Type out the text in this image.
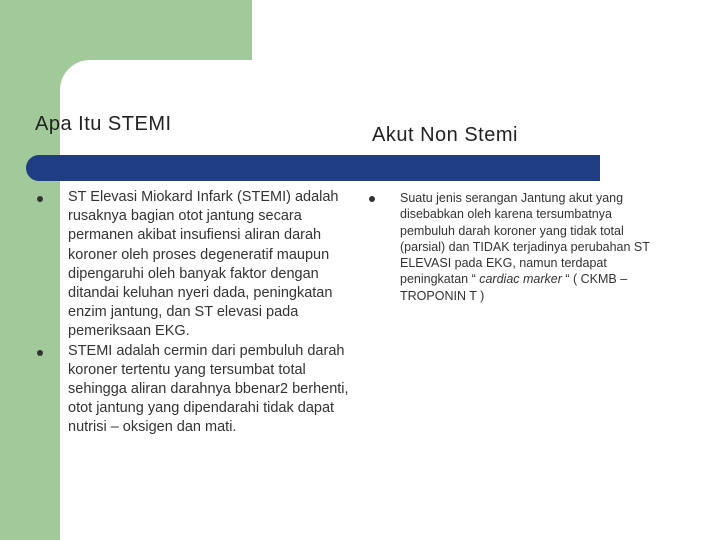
Apa Itu STEMI	Akut Non Stemi
ST Elevasi Miokard Infark (STEMI) adalah rusaknya bagian otot jantung secara permanen akibat insufiensi aliran darah koroner oleh proses degeneratif maupun dipengaruhi oleh banyak faktor dengan ditandai keluhan nyeri dada, peningkatan enzim jantung, dan ST elevasi pada pemeriksaan EKG.
STEMI adalah cermin dari pembuluh darah koroner tertentu yang tersumbat total sehingga aliran darahnya bbenar2 berhenti, otot jantung yang dipendarahi tidak dapat nutrisi – oksigen dan mati.
Suatu jenis serangan Jantung akut yang disebabkan oleh karena tersumbatnya pembuluh darah koroner yang tidak total (parsial) dan TIDAK terjadinya perubahan ST ELEVASI pada EKG, namun terdapat peningkatan “ cardiac marker “ ( CKMB – TROPONIN T )
